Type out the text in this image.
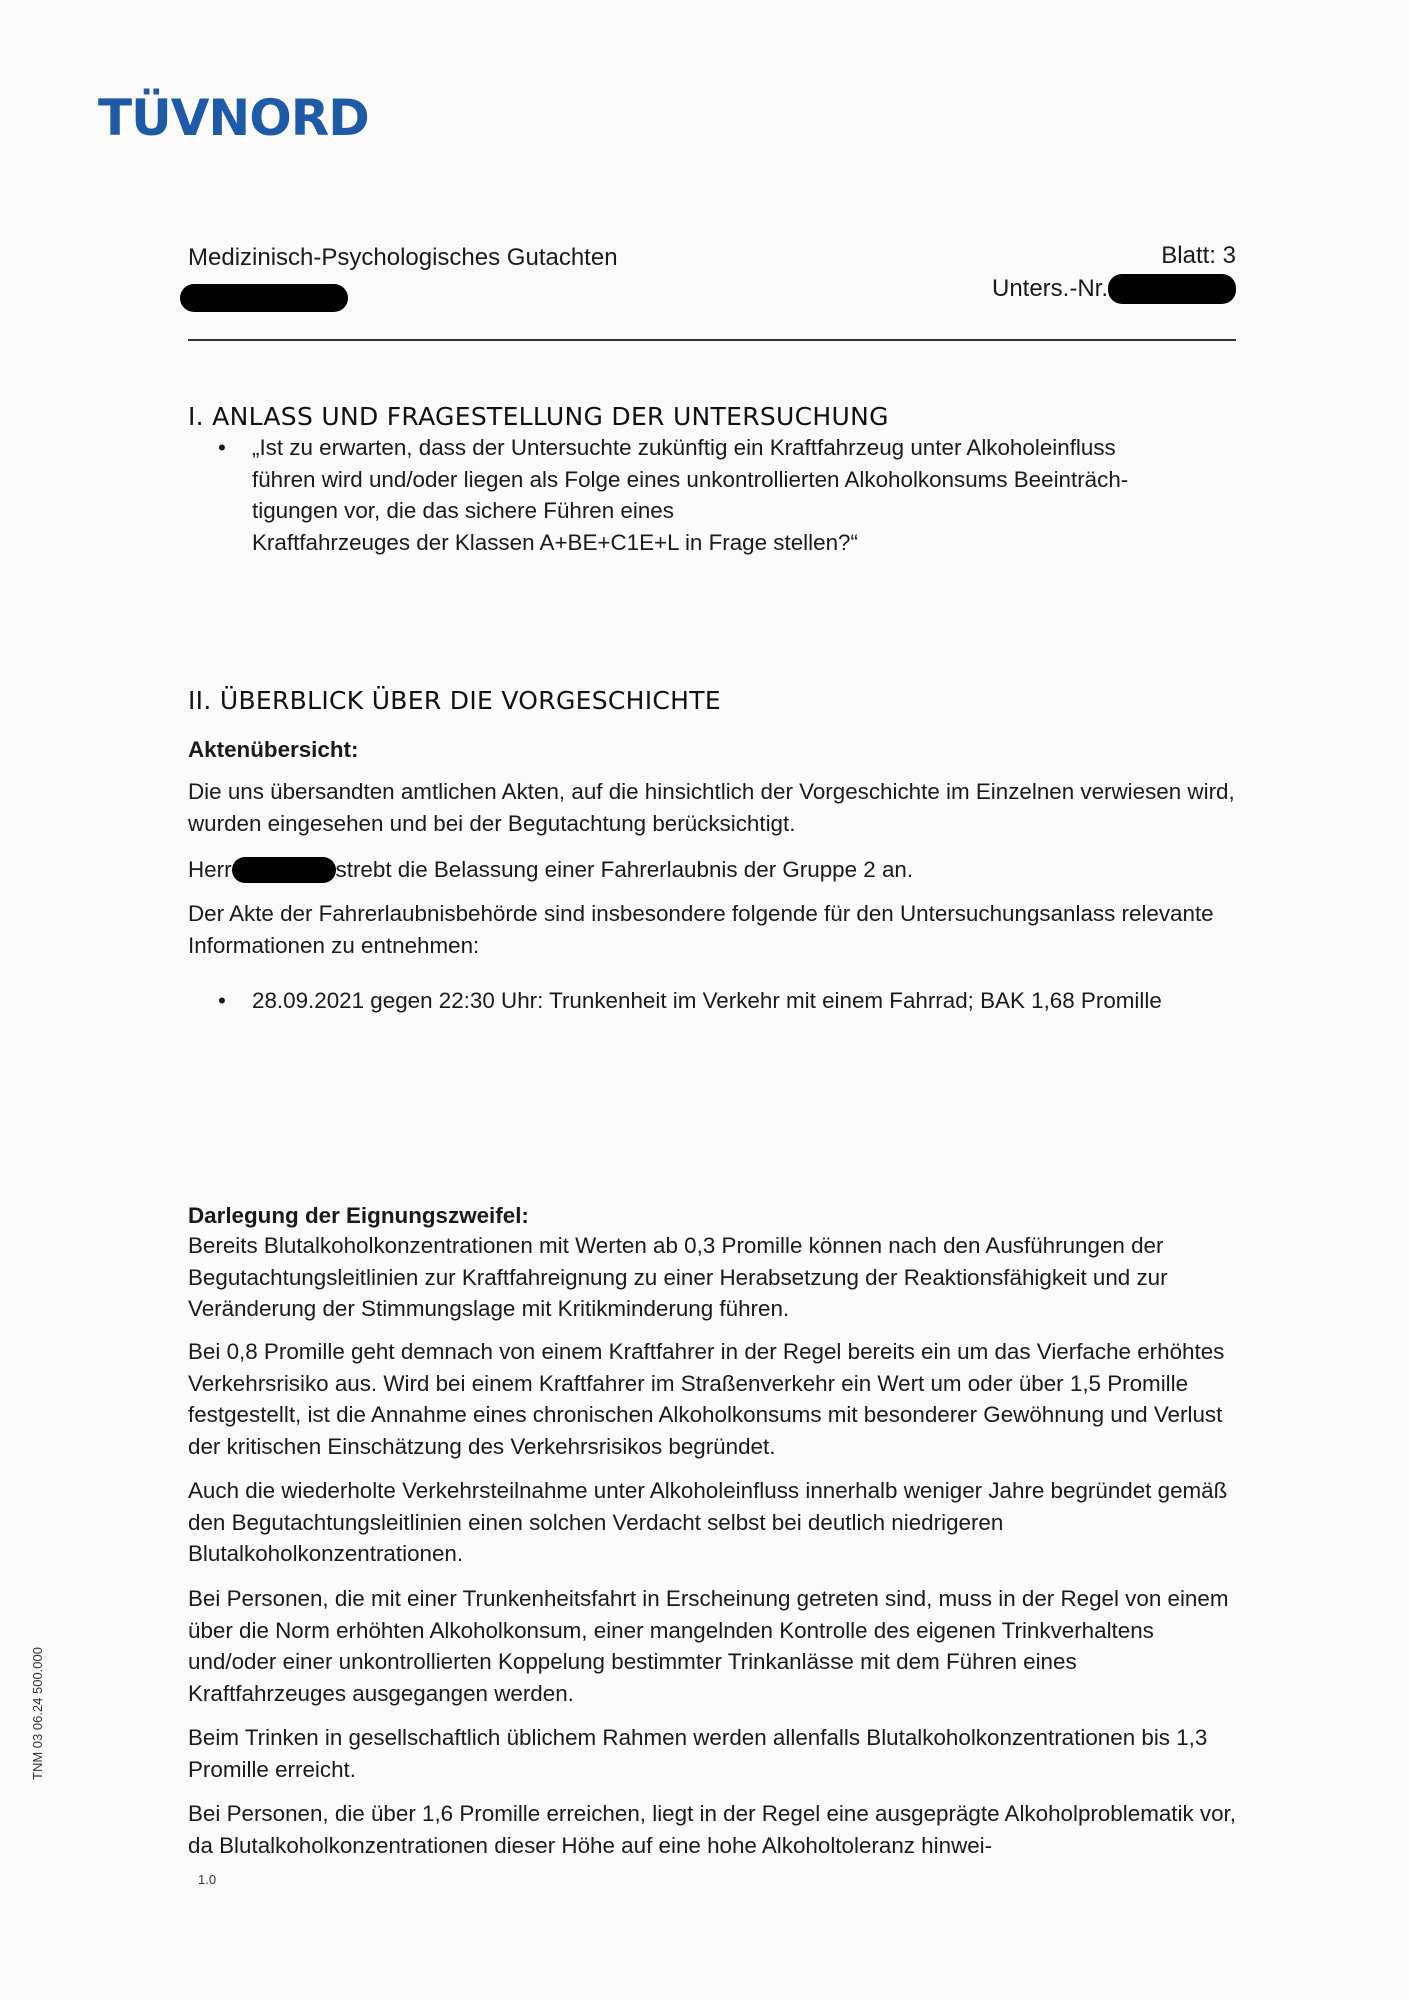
TÜVNORD
Medizinisch-Psychologisches Gutachten	Blatt: 3
Unters.-Nr.
I. ANLASS UND FRAGESTELLUNG DER UNTERSUCHUNG
• „Ist zu erwarten, dass der Untersuchte zukünftig ein Kraftfahrzeug unter Alkoholeinfluss
führen wird und/oder liegen als Folge eines unkontrollierten Alkoholkonsums Beeinträch-
tigungen vor, die das sichere Führen eines
Kraftfahrzeuges der Klassen A+BE+C1E+L in Frage stellen?“
II. ÜBERBLICK ÜBER DIE VORGESCHICHTE
Aktenübersicht:
Die uns übersandten amtlichen Akten, auf die hinsichtlich der Vorgeschichte im Einzelnen verwiesen wird, wurden eingesehen und bei der Begutachtung berücksichtigt.
Herr	strebt die Belassung einer Fahrerlaubnis der Gruppe 2 an.
Der Akte der Fahrerlaubnisbehörde sind insbesondere folgende für den Untersuchungsanlass relevante Informationen zu entnehmen:
• 28.09.2021 gegen 22:30 Uhr: Trunkenheit im Verkehr mit einem Fahrrad; BAK 1,68 Promille
Darlegung der Eignungszweifel:
Bereits Blutalkoholkonzentrationen mit Werten ab 0,3 Promille können nach den Ausführungen der Begutachtungsleitlinien zur Kraftfahreignung zu einer Herabsetzung der Reaktionsfähigkeit und zur Veränderung der Stimmungslage mit Kritikminderung führen.
Bei 0,8 Promille geht demnach von einem Kraftfahrer in der Regel bereits ein um das Vierfache erhöhtes Verkehrsrisiko aus. Wird bei einem Kraftfahrer im Straßenverkehr ein Wert um oder über 1,5 Promille festgestellt, ist die Annahme eines chronischen Alkoholkonsums mit besonderer Gewöhnung und Verlust der kritischen Einschätzung des Verkehrsrisikos begründet.
Auch die wiederholte Verkehrsteilnahme unter Alkoholeinfluss innerhalb weniger Jahre begründet gemäß den Begutachtungsleitlinien einen solchen Verdacht selbst bei deutlich niedrigeren Blutalkoholkonzentrationen.
Bei Personen, die mit einer Trunkenheitsfahrt in Erscheinung getreten sind, muss in der Regel von einem über die Norm erhöhten Alkoholkonsum, einer mangelnden Kontrolle des eigenen Trinkverhaltens und/oder einer unkontrollierten Koppelung bestimmter Trinkanlässe mit dem Führen eines Kraftfahrzeuges ausgegangen werden.
Beim Trinken in gesellschaftlich üblichem Rahmen werden allenfalls Blutalkoholkonzentrationen bis 1,3 Promille erreicht.
Bei Personen, die über 1,6 Promille erreichen, liegt in der Regel eine ausgeprägte Alkoholproblematik vor, da Blutalkoholkonzentrationen dieser Höhe auf eine hohe Alkoholtoleranz hinwei-
TNM 03 06.24 500.000
1.0
